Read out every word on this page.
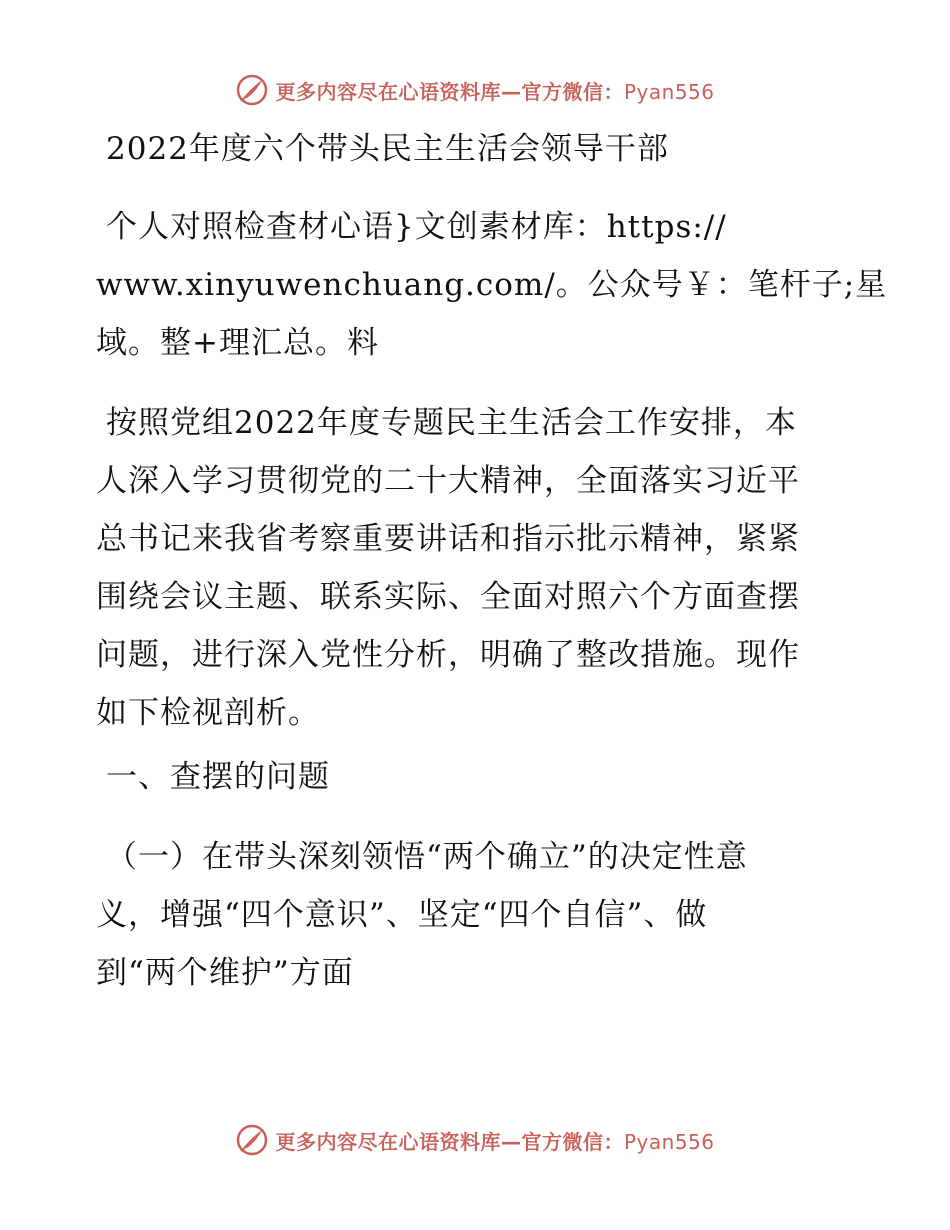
更多内容尽在心语资料库—官方微信：Pyan556
2022年度六个带头民主生活会领导干部
个人对照检查材心语}文创素材库：https://
www.xinyuwenchuang.com/。公众号￥：笔杆子;星
域。整+理汇总。料
按照党组2022年度专题民主生活会工作安排，本
人深入学习贯彻党的二十大精神，全面落实习近平
总书记来我省考察重要讲话和指示批示精神，紧紧
围绕会议主题、联系实际、全面对照六个方面查摆
问题，进行深入党性分析，明确了整改措施。现作
如下检视剖析。
一、查摆的问题
（一）在带头深刻领悟“两个确立”的决定性意
义，增强“四个意识”、坚定“四个自信”、做
到“两个维护”方面
更多内容尽在心语资料库—官方微信：Pyan556
